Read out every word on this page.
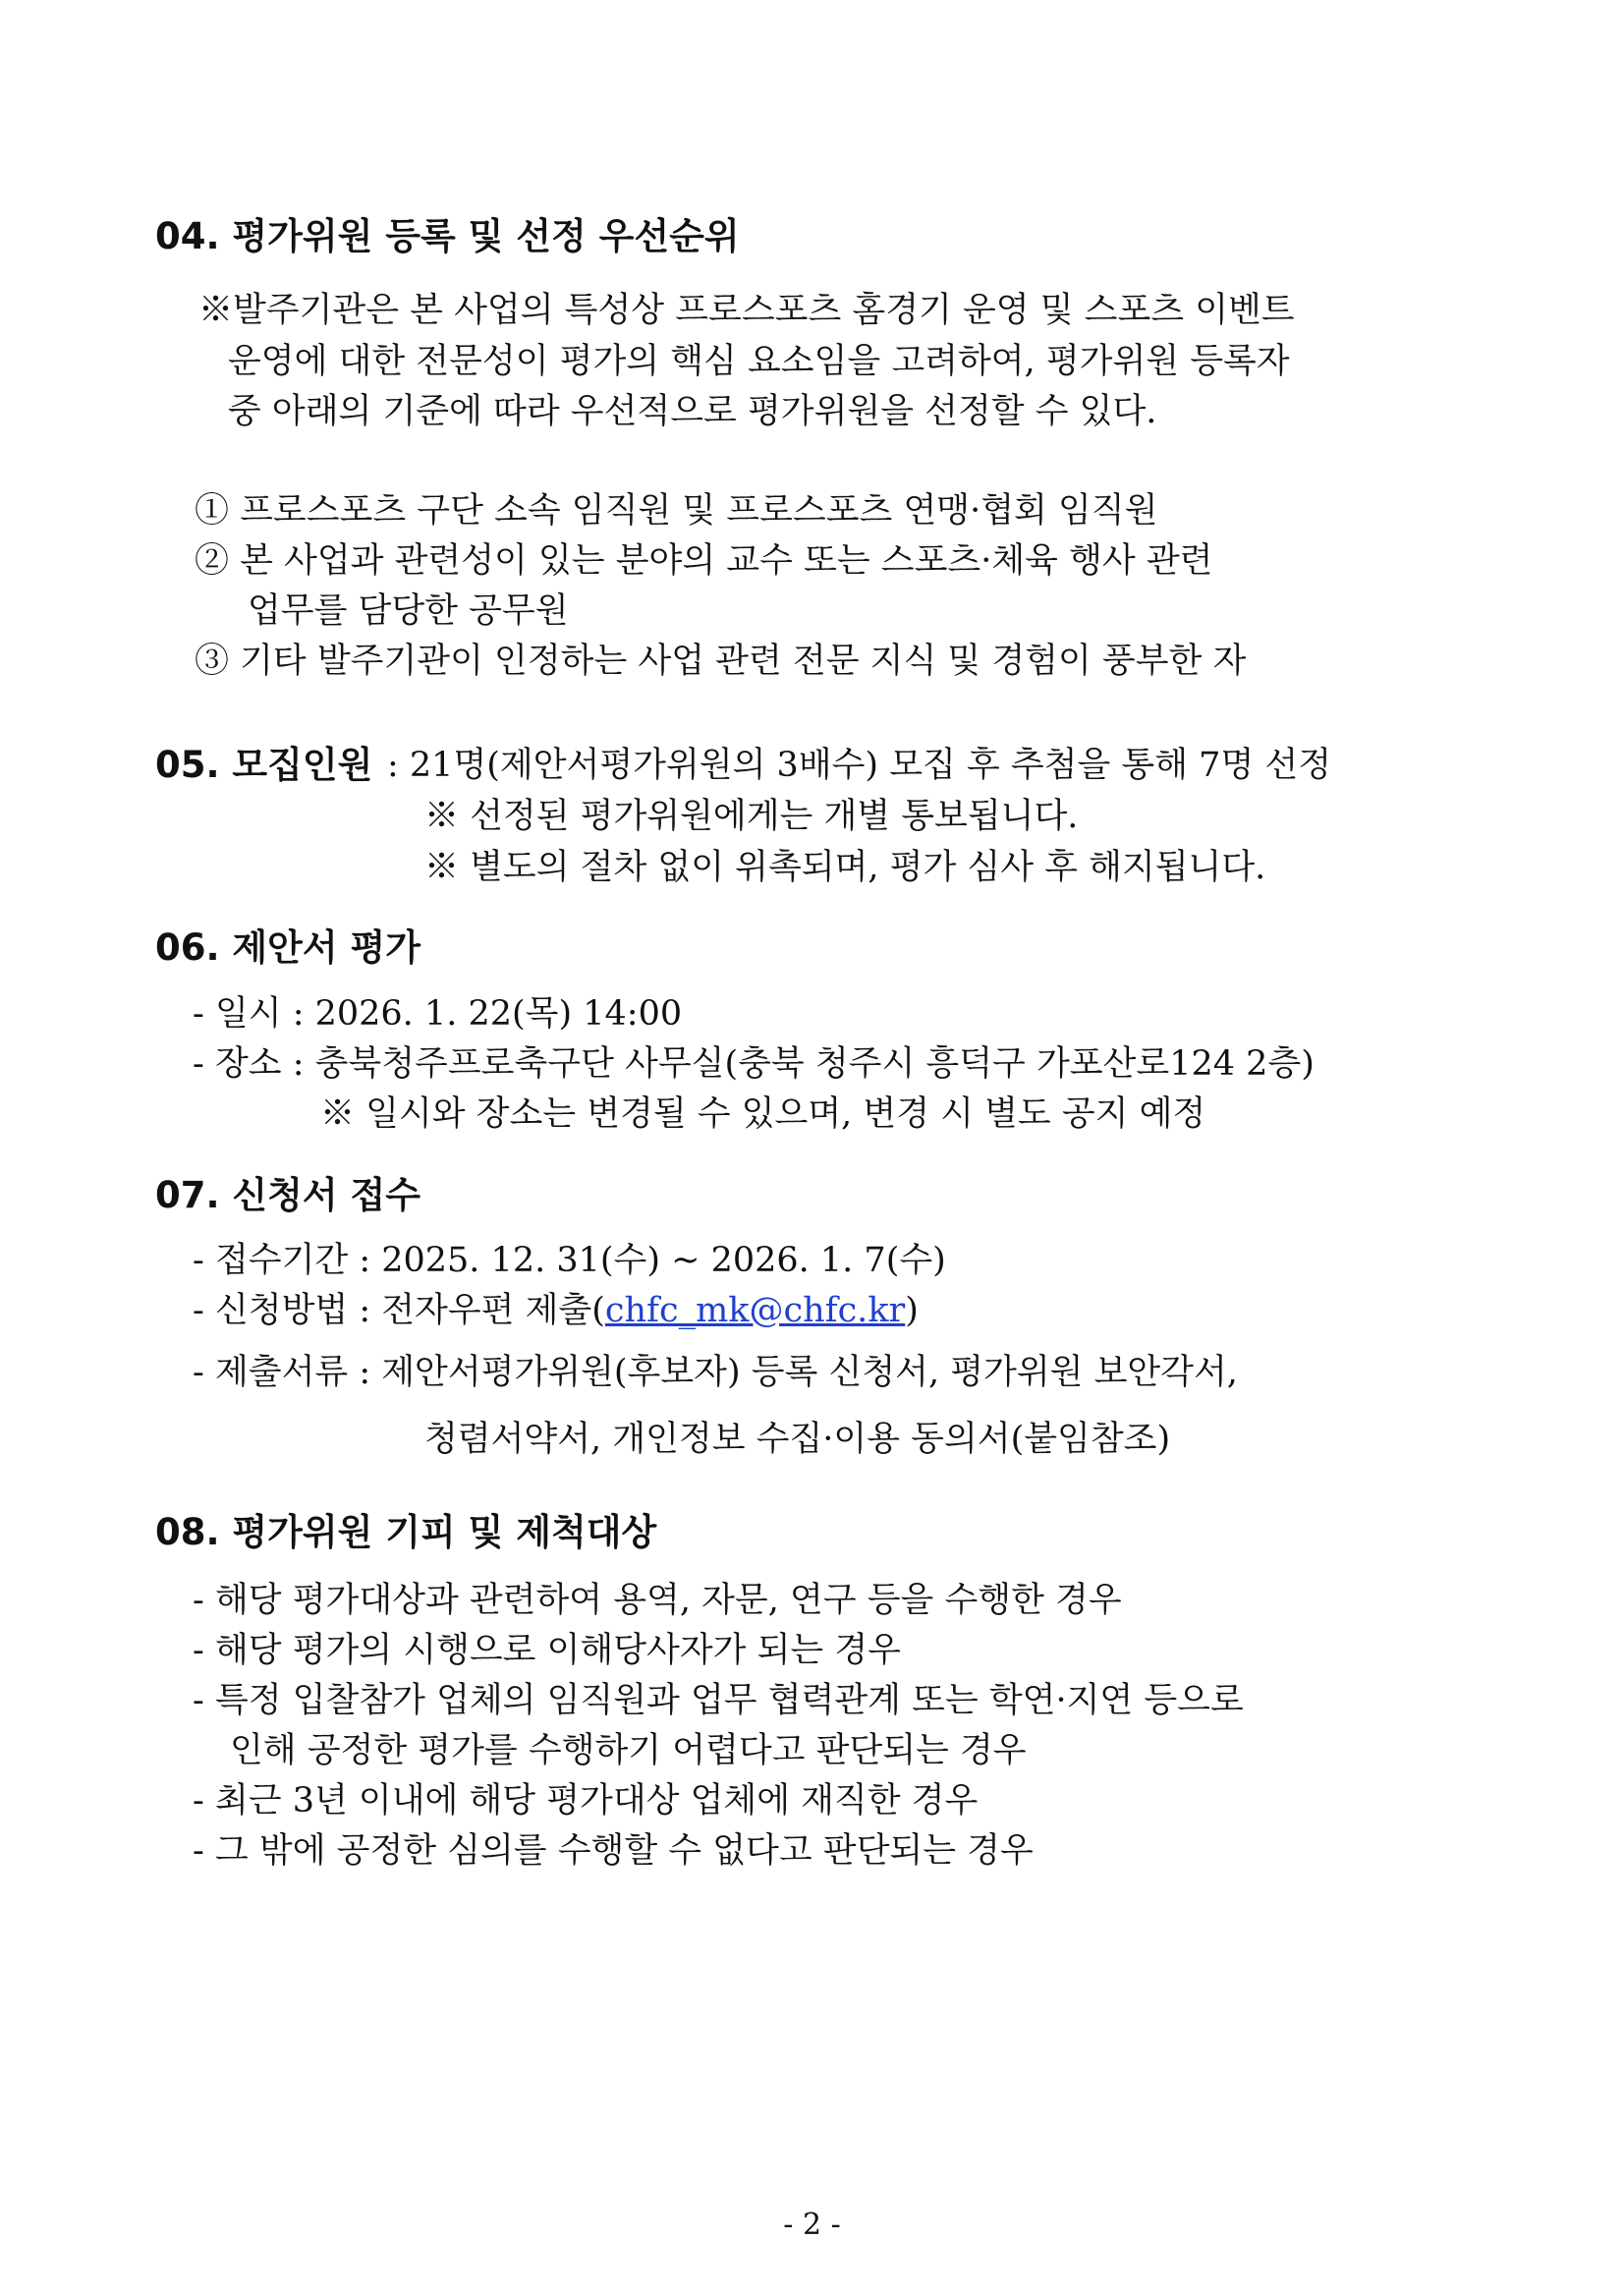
04. 평가위원 등록 및 선정 우선순위
※발주기관은 본 사업의 특성상 프로스포츠 홈경기 운영 및 스포츠 이벤트
운영에 대한 전문성이 평가의 핵심 요소임을 고려하여, 평가위원 등록자
중 아래의 기준에 따라 우선적으로 평가위원을 선정할 수 있다.
① 프로스포츠 구단 소속 임직원 및 프로스포츠 연맹·협회 임직원
② 본 사업과 관련성이 있는 분야의 교수 또는 스포츠·체육 행사 관련
업무를 담당한 공무원
③ 기타 발주기관이 인정하는 사업 관련 전문 지식 및 경험이 풍부한 자
05. 모집인원 : 21명(제안서평가위원의 3배수) 모집 후 추첨을 통해 7명 선정
※ 선정된 평가위원에게는 개별 통보됩니다.
※ 별도의 절차 없이 위촉되며, 평가 심사 후 해지됩니다.
06. 제안서 평가
- 일시 : 2026. 1. 22(목) 14:00
- 장소 : 충북청주프로축구단 사무실(충북 청주시 흥덕구 가포산로124 2층)
※ 일시와 장소는 변경될 수 있으며, 변경 시 별도 공지 예정
07. 신청서 접수
- 접수기간 : 2025. 12. 31(수) ~ 2026. 1. 7(수)
- 신청방법 : 전자우편 제출(chfc_mk@chfc.kr)
- 제출서류 : 제안서평가위원(후보자) 등록 신청서, 평가위원 보안각서,
청렴서약서, 개인정보 수집·이용 동의서(붙임참조)
08. 평가위원 기피 및 제척대상
- 해당 평가대상과 관련하여 용역, 자문, 연구 등을 수행한 경우
- 해당 평가의 시행으로 이해당사자가 되는 경우
- 특정 입찰참가 업체의 임직원과 업무 협력관계 또는 학연·지연 등으로
인해 공정한 평가를 수행하기 어렵다고 판단되는 경우
- 최근 3년 이내에 해당 평가대상 업체에 재직한 경우
- 그 밖에 공정한 심의를 수행할 수 없다고 판단되는 경우
- 2 -
